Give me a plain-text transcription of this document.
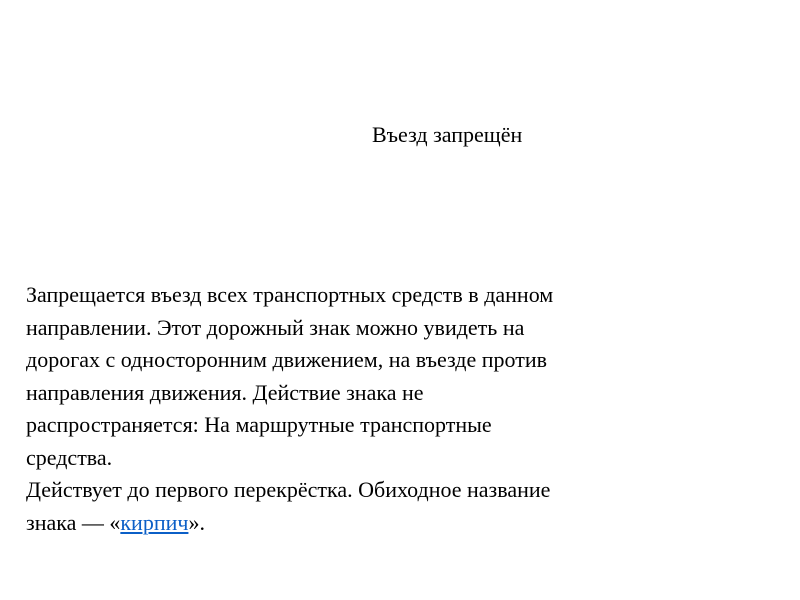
Въезд запрещён

Запрещается въезд всех транспортных средств в данном
направлении. Этот дорожный знак можно увидеть на
дорогах с односторонним движением, на въезде против
направления движения. Действие знака не
распространяется: На маршрутные транспортные
средства.

Действует до первого перекрёстка. Обиходное название
знака — «кирпич».
